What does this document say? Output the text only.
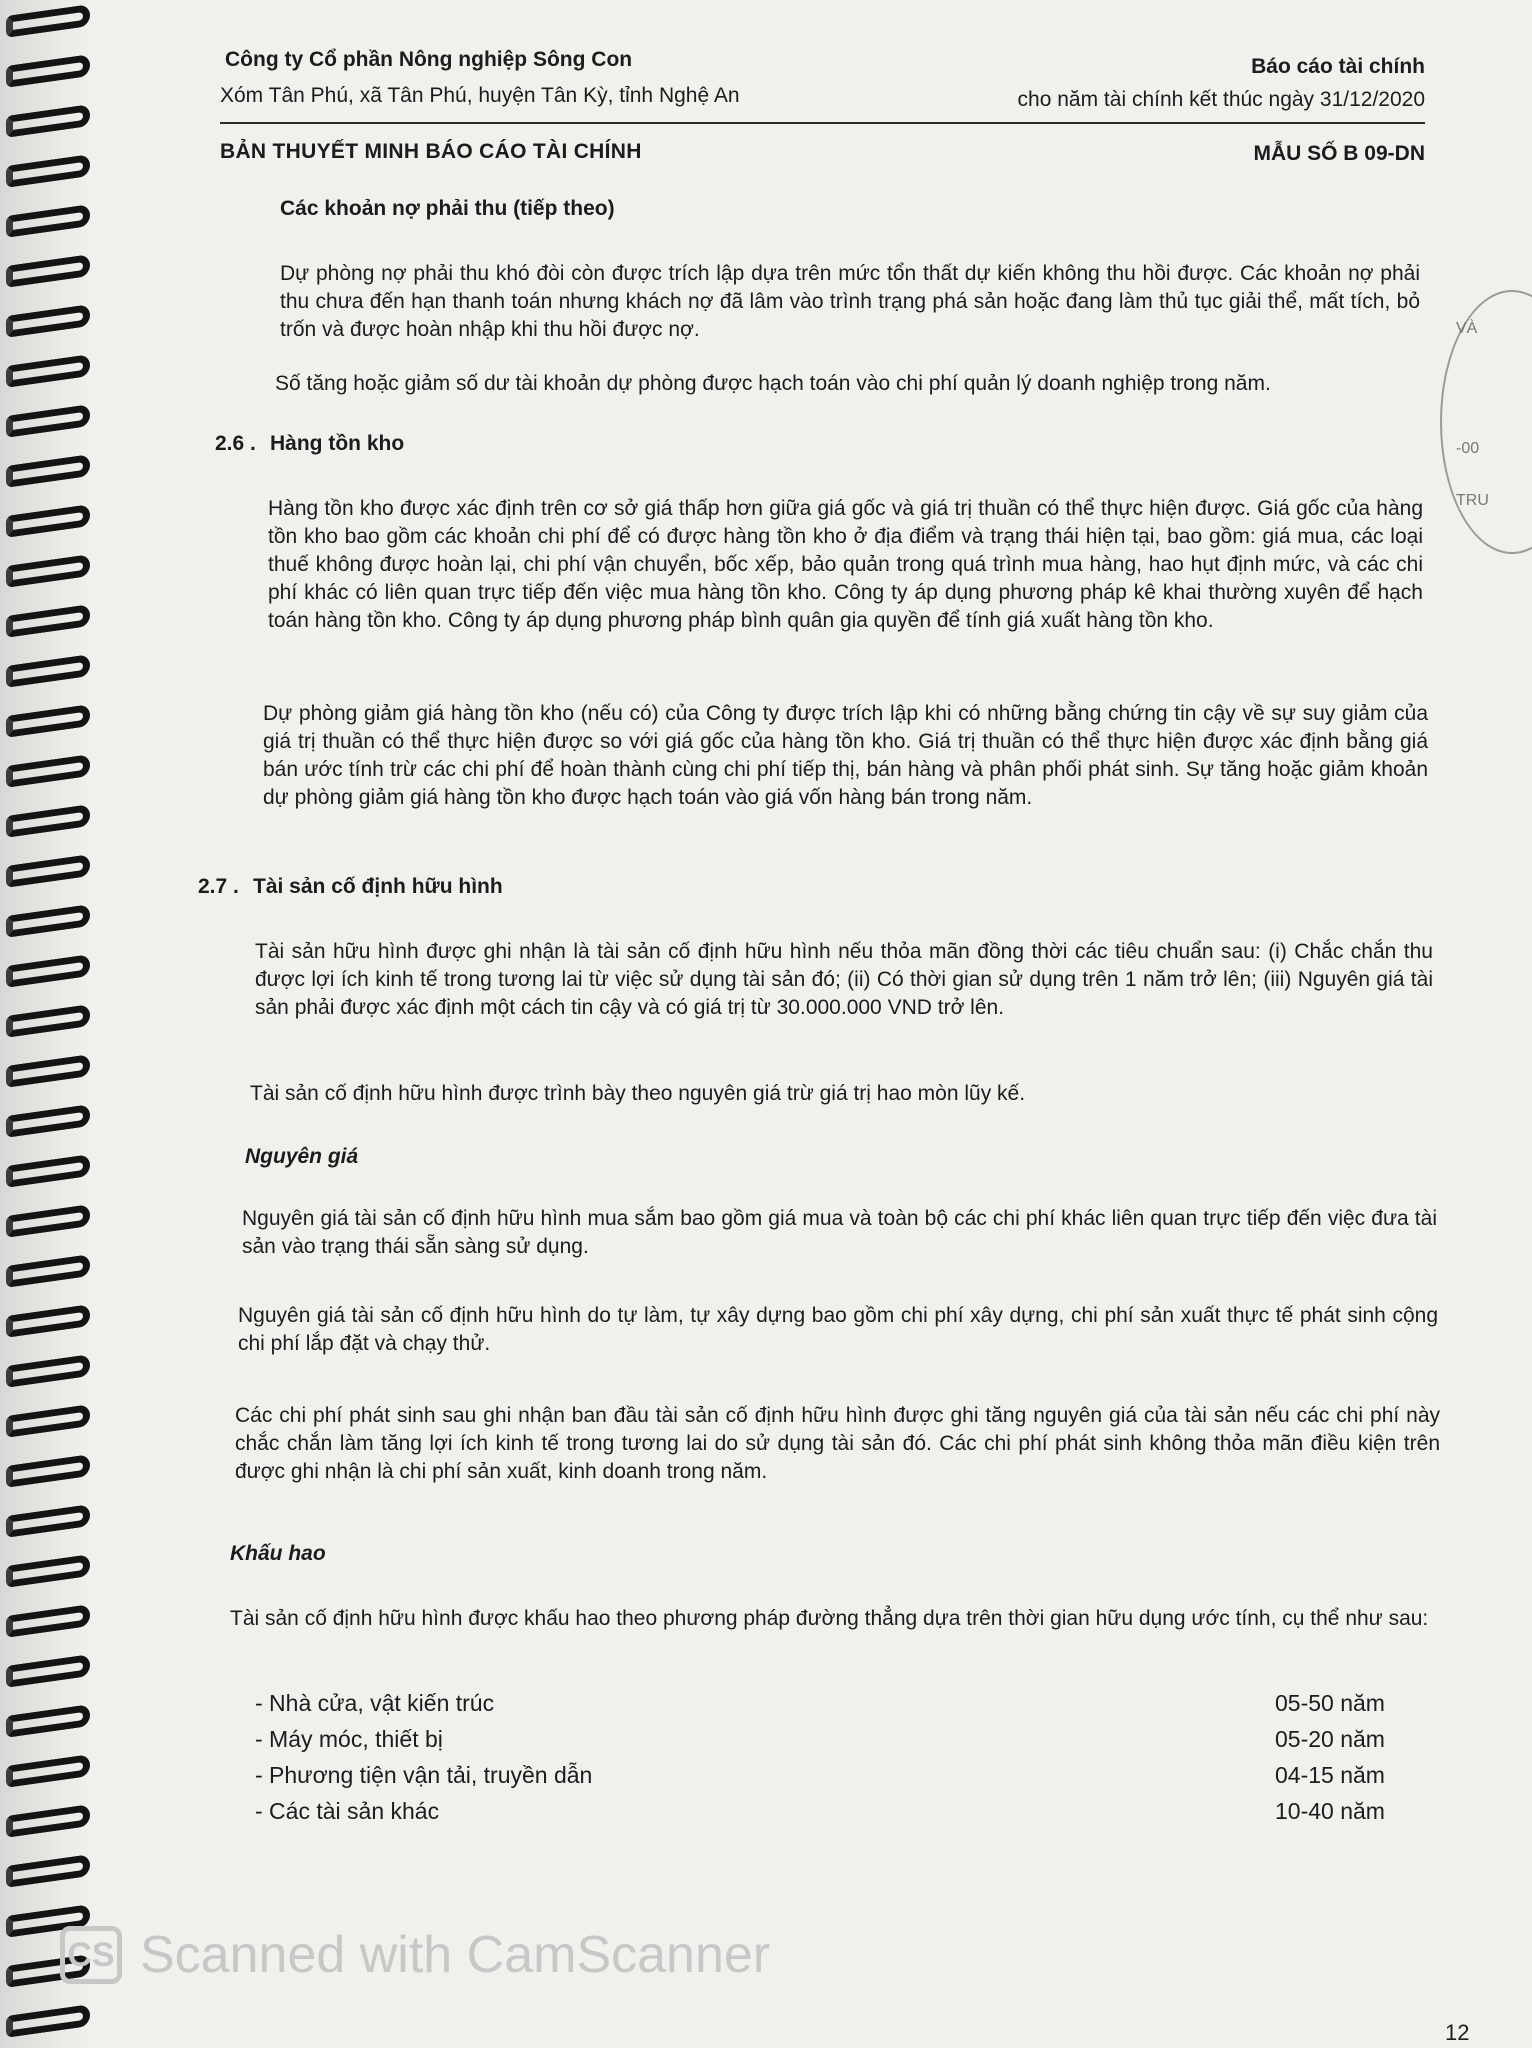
Công ty Cổ phần Nông nghiệp Sông Con
Xóm Tân Phú, xã Tân Phú, huyện Tân Kỳ, tỉnh Nghệ An
Báo cáo tài chính
cho năm tài chính kết thúc ngày 31/12/2020
BẢN THUYẾT MINH BÁO CÁO TÀI CHÍNH	MẪU SỐ B 09-DN
Các khoản nợ phải thu (tiếp theo)
Dự phòng nợ phải thu khó đòi còn được trích lập dựa trên mức tổn thất dự kiến không thu hồi được. Các khoản nợ phải thu chưa đến hạn thanh toán nhưng khách nợ đã lâm vào trình trạng phá sản hoặc đang làm thủ tục giải thể, mất tích, bỏ trốn và được hoàn nhập khi thu hồi được nợ.
Số tăng hoặc giảm số dư tài khoản dự phòng được hạch toán vào chi phí quản lý doanh nghiệp trong năm.
2.6 . Hàng tồn kho
Hàng tồn kho được xác định trên cơ sở giá thấp hơn giữa giá gốc và giá trị thuần có thể thực hiện được. Giá gốc của hàng tồn kho bao gồm các khoản chi phí để có được hàng tồn kho ở địa điểm và trạng thái hiện tại, bao gồm: giá mua, các loại thuế không được hoàn lại, chi phí vận chuyển, bốc xếp, bảo quản trong quá trình mua hàng, hao hụt định mức, và các chi phí khác có liên quan trực tiếp đến việc mua hàng tồn kho. Công ty áp dụng phương pháp kê khai thường xuyên để hạch toán hàng tồn kho. Công ty áp dụng phương pháp bình quân gia quyền để tính giá xuất hàng tồn kho.
Dự phòng giảm giá hàng tồn kho (nếu có) của Công ty được trích lập khi có những bằng chứng tin cậy về sự suy giảm của giá trị thuần có thể thực hiện được so với giá gốc của hàng tồn kho. Giá trị thuần có thể thực hiện được xác định bằng giá bán ước tính trừ các chi phí để hoàn thành cùng chi phí tiếp thị, bán hàng và phân phối phát sinh. Sự tăng hoặc giảm khoản dự phòng giảm giá hàng tồn kho được hạch toán vào giá vốn hàng bán trong năm.
2.7 . Tài sản cố định hữu hình
Tài sản hữu hình được ghi nhận là tài sản cố định hữu hình nếu thỏa mãn đồng thời các tiêu chuẩn sau: (i) Chắc chắn thu được lợi ích kinh tế trong tương lai từ việc sử dụng tài sản đó; (ii) Có thời gian sử dụng trên 1 năm trở lên; (iii) Nguyên giá tài sản phải được xác định một cách tin cậy và có giá trị từ 30.000.000 VND trở lên.
Tài sản cố định hữu hình được trình bày theo nguyên giá trừ giá trị hao mòn lũy kế.
Nguyên giá
Nguyên giá tài sản cố định hữu hình mua sắm bao gồm giá mua và toàn bộ các chi phí khác liên quan trực tiếp đến việc đưa tài sản vào trạng thái sẵn sàng sử dụng.
Nguyên giá tài sản cố định hữu hình do tự làm, tự xây dựng bao gồm chi phí xây dựng, chi phí sản xuất thực tế phát sinh cộng chi phí lắp đặt và chạy thử.
Các chi phí phát sinh sau ghi nhận ban đầu tài sản cố định hữu hình được ghi tăng nguyên giá của tài sản nếu các chi phí này chắc chắn làm tăng lợi ích kinh tế trong tương lai do sử dụng tài sản đó. Các chi phí phát sinh không thỏa mãn điều kiện trên được ghi nhận là chi phí sản xuất, kinh doanh trong năm.
Khấu hao
Tài sản cố định hữu hình được khấu hao theo phương pháp đường thẳng dựa trên thời gian hữu dụng ước tính, cụ thể như sau:
- Nhà cửa, vật kiến trúc	05-50 năm
- Máy móc, thiết bị	05-20 năm
- Phương tiện vận tải, truyền dẫn	04-15 năm
- Các tài sản khác	10-40 năm
VÀ
-00
TRU
CS Scanned with CamScanner
12
